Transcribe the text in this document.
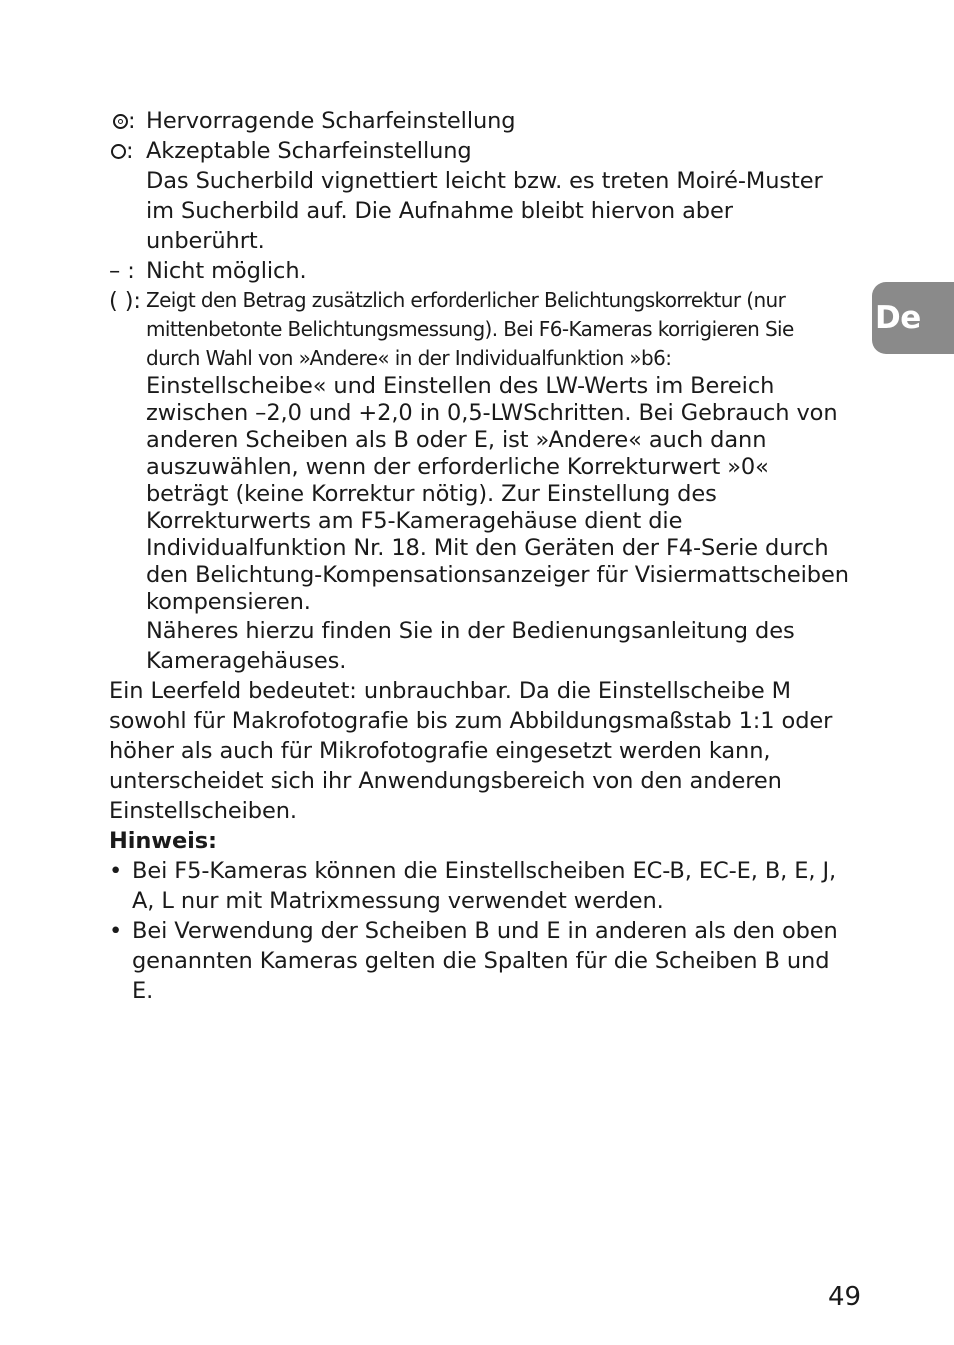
: Hervorragende Scharfeinstellung
: Akzeptable Scharfeinstellung
Das Sucherbild vignettiert leicht bzw. es treten Moiré-Muster im Sucherbild auf. Die Aufnahme bleibt hiervon aber unberührt.
– : Nicht möglich.
( ): Zeigt den Betrag zusätzlich erforderlicher Belichtungskorrektur (nur mittenbetonte Belichtungsmessung). Bei F6-Kameras korrigieren Sie durch Wahl von »Andere« in der Individualfunktion »b6:
Einstellscheibe« und Einstellen des LW-Werts im Bereich zwischen –2,0 und +2,0 in 0,5-LWSchritten. Bei Gebrauch von anderen Scheiben als B oder E, ist »Andere« auch dann auszuwählen, wenn der erforderliche Korrekturwert »0« beträgt (keine Korrektur nötig). Zur Einstellung des Korrekturwerts am F5-Kameragehäuse dient die Individualfunktion Nr. 18. Mit den Geräten der F4-Serie durch den Belichtung-Kompensationsanzeiger für Visiermattscheiben kompensieren.
Näheres hierzu finden Sie in der Bedienungsanleitung des Kameragehäuses.
Ein Leerfeld bedeutet: unbrauchbar. Da die Einstellscheibe M sowohl für Makrofotografie bis zum Abbildungsmaßstab 1:1 oder höher als auch für Mikrofotografie eingesetzt werden kann, unterscheidet sich ihr Anwendungsbereich von den anderen Einstellscheiben.
Hinweis:
• Bei F5-Kameras können die Einstellscheiben EC-B, EC-E, B, E, J, A, L nur mit Matrixmessung verwendet werden.
• Bei Verwendung der Scheiben B und E in anderen als den oben genannten Kameras gelten die Spalten für die Scheiben B und E.
De
49
